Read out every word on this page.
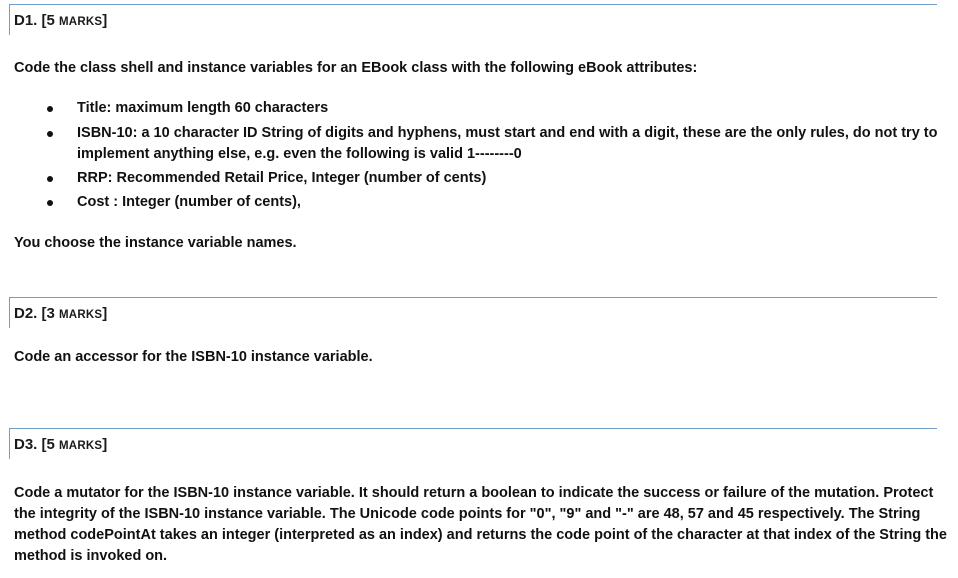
D1. [5 MARKS]

Code the class shell and instance variables for an EBook class with the following eBook attributes:

Title: maximum length 60 characters

ISBN-10: a 10 character ID String of digits and hyphens, must start and end with a digit, these are the only rules, do not try to implement anything else, e.g. even the following is valid 1--------0

RRP: Recommended Retail Price, Integer (number of cents)

Cost : Integer (number of cents),

You choose the instance variable names.

D2. [3 MARKS]

Code an accessor for the ISBN-10 instance variable.

D3. [5 MARKS]

Code a mutator for the ISBN-10 instance variable. It should return a boolean to indicate the success or failure of the mutation. Protect the integrity of the ISBN-10 instance variable. The Unicode code points for "0", "9" and "-" are 48, 57 and 45 respectively. The String method codePointAt takes an integer (interpreted as an index) and returns the code point of the character at that index of the String the method is invoked on.
